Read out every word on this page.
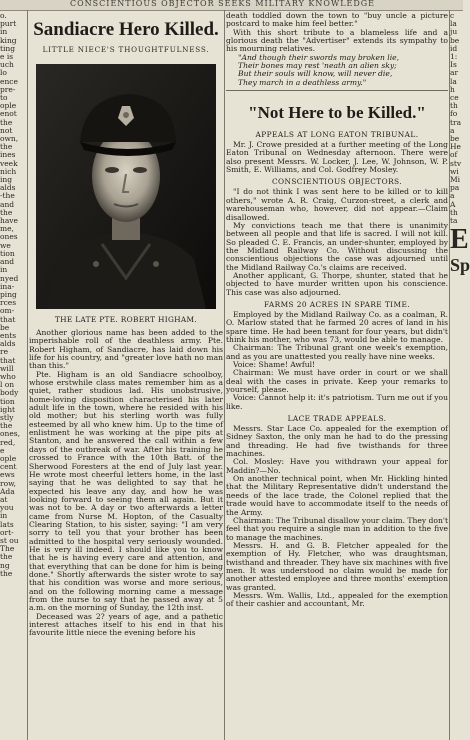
CONSCIENTIOUS OBJECTOR SEEKS MILITARY KNOWLEDGE
o.
purt
in
king
ting
e is
uch
lo
ence
pre-
to
ople
enot
the
not
own,
the
ines
veek
nich
ing
alds
-the
and
the
have
me,
ones
we
tion
and
in
nyed
ina-
ping
rces
om-
that
be
ents
alds
re
that
will
who
l on
body
tion
ight
stly
the
ones,
red,
e
ople
cent
ews
row,
Ada
at
you
in
lats
ort-
st ou
The
the
ng
the
Sandiacre Hero Killed.
LITTLE NIECE'S THOUGHTFULNESS.
THE LATE PTE. ROBERT HIGHAM.

Another glorious name has been added to the imperishable roll of the deathless army. Pte. Robert Higham, of Sandiacre, has laid down his life for his country, and "greater love hath no man than this."

Pte. Higham is an old Sandiacre schoolboy, whose erstwhile class mates remember him as a quiet, rather studious lad. His unobstrusive, home-loving disposition characterised his later adult life in the town, where he resided with his old mother; but his sterling worth was fully esteemed by all who knew him. Up to the time of enlistment he was working at the pipe pits at Stanton, and he answered the call within a few days of the outbreak of war. After his training he crossed to France with the 10th Batt. of the Sherwood Foresters at the end of July last year. He wrote most cheerful letters home, in the last saying that he was delighted to say that he expected his leave any day, and how he was looking forward to seeing them all again. But it was not to be. A day or two afterwards a letter came from Nurse M. Hopton, of the Casualty Clearing Station, to his sister, saying: "I am very sorry to tell you that your brother has been admitted to the hospital very seriously wounded. He is very ill indeed. I should like you to know that he is having every care and attention, and that everything that can be done for him is being done." Shortly afterwards the sister wrote to say that his condition was worse and more serious, and on the following morning came a message from the nurse to say that he passed away at 5 a.m. on the morning of Sunday, the 12th inst.

Deceased was 2? years of age, and a pathetic interest attaches itself to his end in that his favourite little niece the evening before his

death toddled down the town to "buy uncle a picture postcard to make him feel better."

With this short tribute to a blameless life and a glorious death the "Advertiser" extends its sympathy to his mourning relatives.

"And though their swords may broken lie,
Their bones may rest 'neath an alien sky;
But their souls will know, will never die,
They march in a deathless army."
"Not Here to be Killed."
APPEALS AT LONG EATON TRIBUNAL.

Mr. J. Crowe presided at a further meeting of the Long Eaton Tribunal on Wednesday afternoon. There were also present Messrs. W. Locker, J. Lee, W. Johnson, W. P. Smith, E. Williams, and Col. Godfrey Mosley.

CONSCIENTIOUS OBJECTORS.

"I do not think I was sent here to be killed or to kill others," wrote A. R. Craig, Curzon-street, a clerk and warehouseman who, however, did not appear.—Claim disallowed.

My convictions teach me that there is unanimity between all people and that life is sacred. I will not kill. So pleaded C. E. Francis, an under-shunter, employed by the Midland Railway Co. Without discussing the conscientious objections the case was adjourned until the Midland Railway Co.'s claims are received.

Another applicant, G. Thorpe, shunter, stated that he objected to have murder written upon his conscience. This case was also adjourned.

FARMS 20 ACRES IN SPARE TIME.

Employed by the Midland Railway Co. as a coalman, R. O. Marlow stated that he farmed 20 acres of land in his spare time. He had been tenant for four years, but didn't think his mother, who was 73, would be able to manage.

Chairman: The Tribunal grant one week's exemption, and as you are unattested you really have nine weeks.

Voice: Shame! Awful!

Chairman: We must have order in court or we shall deal with the cases in private. Keep your remarks to yourself, please.

Voice: Cannot help it: it's patriotism. Turn me out if you like.

LACE TRADE APPEALS.

Messrs. Star Lace Co. appealed for the exemption of Sidney Saxton, the only man he had to do the pressing and threading. He had five twisthands for three machines.

Col. Mosley: Have you withdrawn your appeal for Maddin?—No.

On another technical point, when Mr. Hickling hinted that the Military Representative didn't understand the needs of the lace trade, the Colonel replied that the trade would have to accommodate itself to the needs of the Army.

Chairman: The Tribunal disallow your claim. They don't feel that you require a single man in addition to the five to manage the machines.

Messrs. H. and G. B. Fletcher appealed for the exemption of Hy. Fletcher, who was draughtsman, twisthand and threader. They have six machines with five men. It was understood no claim would be made for another attested employee and three months' exemption was granted.

Messrs. Wm. Wallis, Ltd., appealed for the exemption of their cashier and accountant, Mr.

c
la
ju
be
id
1:
Is
ar
la
h
ce
th
fo
tra
a
be
He
of
stv
wi
Mi
pa
a
A
th
ta
E
Sp
